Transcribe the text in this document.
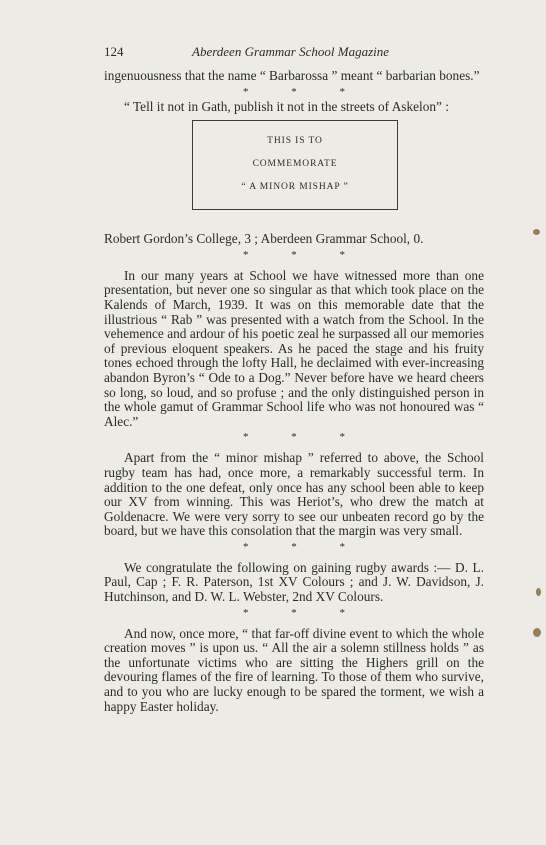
124	Aberdeen Grammar School Magazine

ingenuousness that the name “ Barbarossa ” meant “ barbarian bones.”

* * *

“ Tell it not in Gath, publish it not in the streets of Askelon” :

THIS IS TO
COMMEMORATE
“ A MINOR MISHAP ”

Robert Gordon’s College, 3 ; Aberdeen Grammar School, 0.

* * *

In our many years at School we have witnessed more than one presentation, but never one so singular as that which took place on the Kalends of March, 1939. It was on this memorable date that the illustrious “ Rab ” was presented with a watch from the School. In the vehemence and ardour of his poetic zeal he surpassed all our memories of previous eloquent speakers. As he paced the stage and his fruity tones echoed through the lofty Hall, he declaimed with ever-increasing abandon Byron’s “ Ode to a Dog.” Never before have we heard cheers so long, so loud, and so profuse ; and the only distinguished person in the whole gamut of Grammar School life who was not honoured was “ Alec.”

* * *

Apart from the “ minor mishap ” referred to above, the School rugby team has had, once more, a remarkably successful term. In addition to the one defeat, only once has any school been able to keep our XV from winning. This was Heriot’s, who drew the match at Goldenacre. We were very sorry to see our unbeaten record go by the board, but we have this consolation that the margin was very small.

* * *

We congratulate the following on gaining rugby awards :— D. L. Paul, Cap ; F. R. Paterson, 1st XV Colours ; and J. W. Davidson, J. Hutchinson, and D. W. L. Webster, 2nd XV Colours.

* * *

And now, once more, “ that far-off divine event to which the whole creation moves ” is upon us. “ All the air a solemn stillness holds ” as the unfortunate victims who are sitting the Highers grill on the devouring flames of the fire of learning. To those of them who survive, and to you who are lucky enough to be spared the torment, we wish a happy Easter holiday.
